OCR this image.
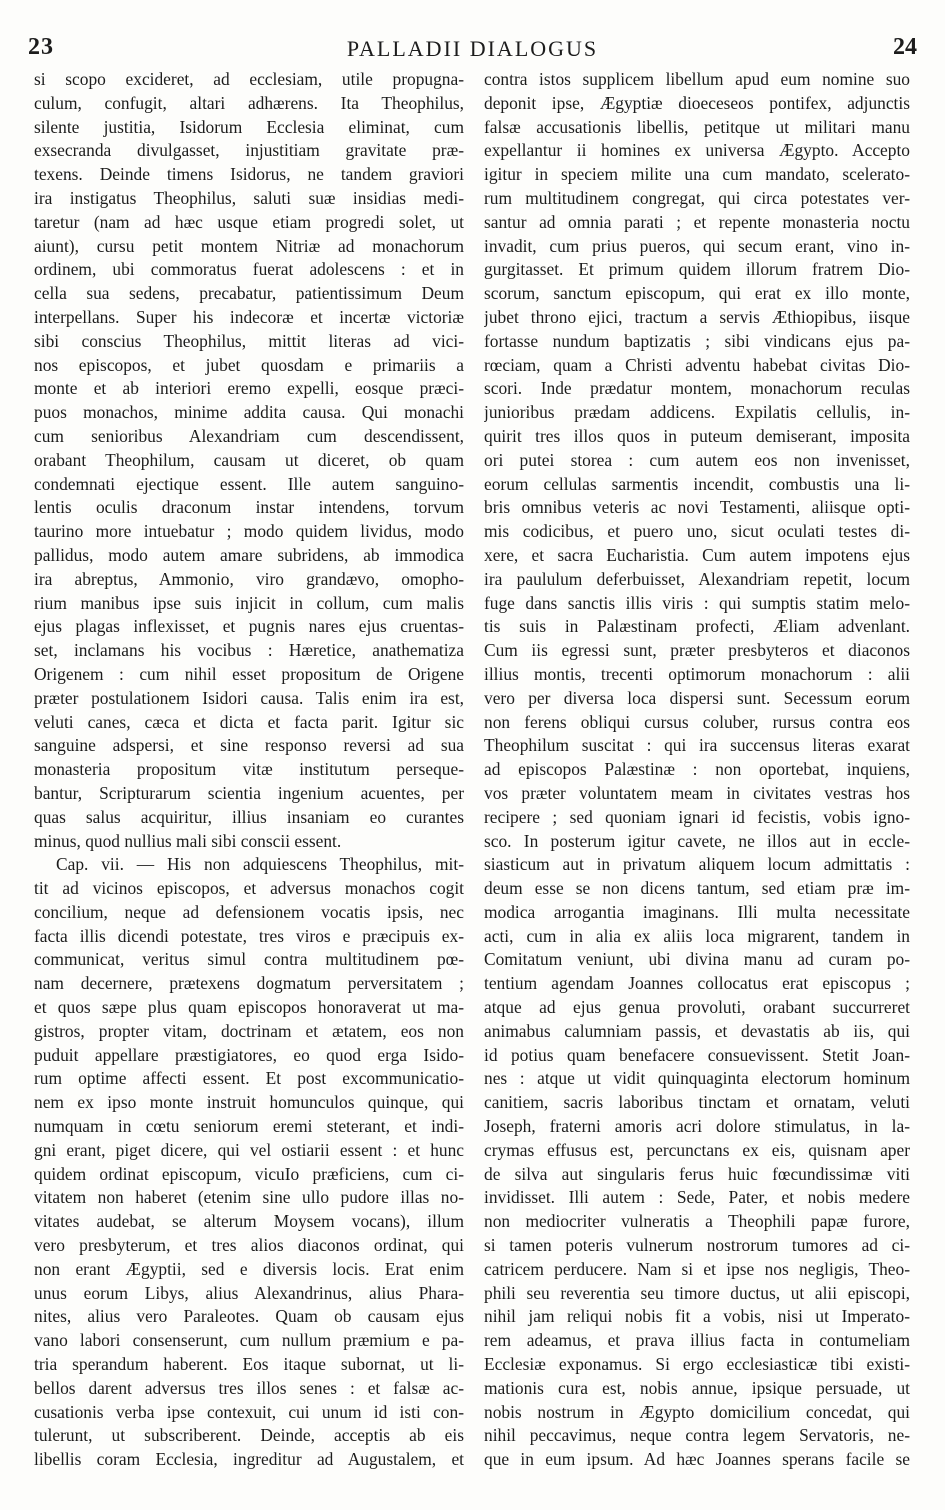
23	PALLADII DIALOGUS	24
si scopo excideret, ad ecclesiam, utile propugna-
culum, confugit, altari adhærens. Ita Theophilus,
silente justitia, Isidorum Ecclesia eliminat, cum
exsecranda divulgasset, injustitiam gravitate præ-
texens. Deinde timens Isidorus, ne tandem graviori
ira instigatus Theophilus, saluti suæ insidias medi-
taretur (nam ad hæc usque etiam progredi solet, ut
aiunt), cursu petit montem Nitriæ ad monachorum
ordinem, ubi commoratus fuerat adolescens : et in
cella sua sedens, precabatur, patientissimum Deum
interpellans. Super his indecoræ et incertæ victoriæ
sibi conscius Theophilus, mittit literas ad vici-
nos episcopos, et jubet quosdam e primariis a
monte et ab interiori eremo expelli, eosque præci-
puos monachos, minime addita causa. Qui monachi
cum senioribus Alexandriam cum descendissent,
orabant Theophilum, causam ut diceret, ob quam
condemnati ejectique essent. Ille autem sanguino-
lentis oculis draconum instar intendens, torvum
taurino more intuebatur ; modo quidem lividus, modo
pallidus, modo autem amare subridens, ab immodica
ira abreptus, Ammonio, viro grandævo, omopho-
rium manibus ipse suis injicit in collum, cum malis
ejus plagas inflexisset, et pugnis nares ejus cruentas-
set, inclamans his vocibus : Hæretice, anathematiza
Origenem : cum nihil esset propositum de Origene
præter postulationem Isidori causa. Talis enim ira est,
veluti canes, cæca et dicta et facta parit. Igitur sic
sanguine adspersi, et sine responso reversi ad sua
monasteria propositum vitæ institutum perseque-
bantur, Scripturarum scientia ingenium acuentes, per
quas salus acquiritur, illius insaniam eo curantes
minus, quod nullius mali sibi conscii essent.
Cap. vii. — His non adquiescens Theophilus, mit-
tit ad vicinos episcopos, et adversus monachos cogit
concilium, neque ad defensionem vocatis ipsis, nec
facta illis dicendi potestate, tres viros e præcipuis ex-
communicat, veritus simul contra multitudinem pœ-
nam decernere, prætexens dogmatum perversitatem ;
et quos sæpe plus quam episcopos honoraverat ut ma-
gistros, propter vitam, doctrinam et ætatem, eos non
puduit appellare præstigiatores, eo quod erga Isido-
rum optime affecti essent. Et post excommunicatio-
nem ex ipso monte instruit homunculos quinque, qui
numquam in cœtu seniorum eremi steterant, et indi-
gni erant, piget dicere, qui vel ostiarii essent : et hunc
quidem ordinat episcopum, vicuIo præficiens, cum ci-
vitatem non haberet (etenim sine ullo pudore illas no-
vitates audebat, se alterum Moysem vocans), illum
vero presbyterum, et tres alios diaconos ordinat, qui
non erant Ægyptii, sed e diversis locis. Erat enim
unus eorum Libys, alius Alexandrinus, alius Phara-
nites, alius vero Paraleotes. Quam ob causam ejus
vano labori consenserunt, cum nullum præmium e pa-
tria sperandum haberent. Eos itaque subornat, ut li-
bellos darent adversus tres illos senes : et falsæ ac-
cusationis verba ipse contexuit, cui unum id isti con-
tulerunt, ut subscriberent. Deinde, acceptis ab eis
libellis coram Ecclesia, ingreditur ad Augustalem, et
contra istos supplicem libellum apud eum nomine suo
deponit ipse, Ægyptiæ dioeceseos pontifex, adjunctis
falsæ accusationis libellis, petitque ut militari manu
expellantur ii homines ex universa Ægypto. Accepto
igitur in speciem milite una cum mandato, scelerato-
rum multitudinem congregat, qui circa potestates ver-
santur ad omnia parati ; et repente monasteria noctu
invadit, cum prius pueros, qui secum erant, vino in-
gurgitasset. Et primum quidem illorum fratrem Dio-
scorum, sanctum episcopum, qui erat ex illo monte,
jubet throno ejici, tractum a servis Æthiopibus, iisque
fortasse nundum baptizatis ; sibi vindicans ejus pa-
rœciam, quam a Christi adventu habebat civitas Dio-
scori. Inde prædatur montem, monachorum reculas
junioribus prædam addicens. Expilatis cellulis, in-
quirit tres illos quos in puteum demiserant, imposita
ori putei storea : cum autem eos non invenisset,
eorum cellulas sarmentis incendit, combustis una li-
bris omnibus veteris ac novi Testamenti, aliisque opti-
mis codicibus, et puero uno, sicut oculati testes di-
xere, et sacra Eucharistia. Cum autem impotens ejus
ira paululum deferbuisset, Alexandriam repetit, locum
fuge dans sanctis illis viris : qui sumptis statim melo-
tis suis in Palæstinam profecti, Æliam advenlant.
Cum iis egressi sunt, præter presbyteros et diaconos
illius montis, trecenti optimorum monachorum : alii
vero per diversa loca dispersi sunt. Secessum eorum
non ferens obliqui cursus coluber, rursus contra eos
Theophilum suscitat : qui ira succensus literas exarat
ad episcopos Palæstinæ : non oportebat, inquiens,
vos præter voluntatem meam in civitates vestras hos
recipere ; sed quoniam ignari id fecistis, vobis igno-
sco. In posterum igitur cavete, ne illos aut in eccle-
siasticum aut in privatum aliquem locum admittatis :
deum esse se non dicens tantum, sed etiam præ im-
modica arrogantia imaginans. Illi multa necessitate
acti, cum in alia ex aliis loca migrarent, tandem in
Comitatum veniunt, ubi divina manu ad curam po-
tentium agendam Joannes collocatus erat episcopus ;
atque ad ejus genua provoluti, orabant succurreret
animabus calumniam passis, et devastatis ab iis, qui
id potius quam benefacere consuevissent. Stetit Joan-
nes : atque ut vidit quinquaginta electorum hominum
canitiem, sacris laboribus tinctam et ornatam, veluti
Joseph, fraterni amoris acri dolore stimulatus, in la-
crymas effusus est, percunctans ex eis, quisnam aper
de silva aut singularis ferus huic fœcundissimæ viti
invidisset. Illi autem : Sede, Pater, et nobis medere
non mediocriter vulneratis a Theophili papæ furore,
si tamen poteris vulnerum nostrorum tumores ad ci-
catricem perducere. Nam si et ipse nos negligis, Theo-
phili seu reverentia seu timore ductus, ut alii episcopi,
nihil jam reliqui nobis fit a vobis, nisi ut Imperato-
rem adeamus, et prava illius facta in contumeliam
Ecclesiæ exponamus. Si ergo ecclesiasticæ tibi existi-
mationis cura est, nobis annue, ipsique persuade, ut
nobis nostrum in Ægypto domicilium concedat, qui
nihil peccavimus, neque contra legem Servatoris, ne-
que in eum ipsum. Ad hæc Joannes sperans facile se
